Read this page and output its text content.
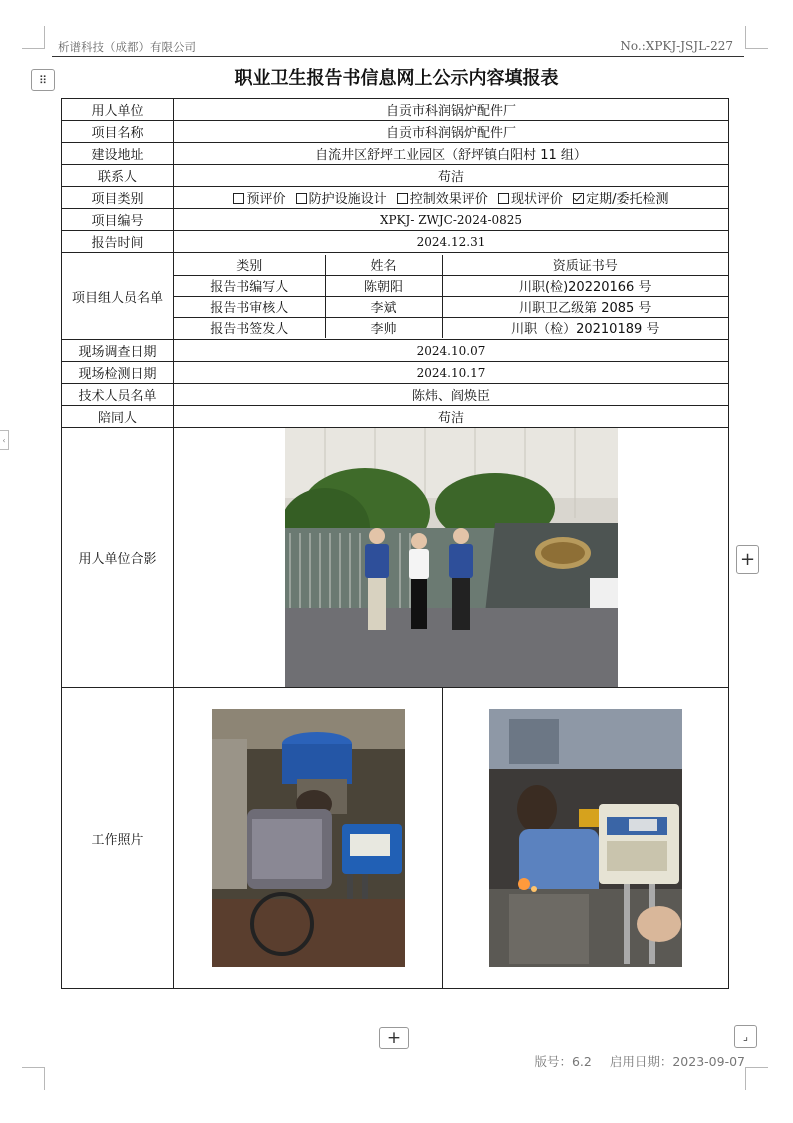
析谱科技（成都）有限公司	No.:XPKJ-JSJL-227
⠿
+
+	⌟
‹
职业卫生报告书信息网上公示内容填报表
用人单位	自贡市科润锅炉配件厂
项目名称	自贡市科润锅炉配件厂
建设地址	自流井区舒坪工业园区（舒坪镇白阳村 11 组）
联系人	苟洁
项目类别	预评价 防护设施设计 控制效果评价 现状评价 定期/委托检测
项目编号	XPKJ- ZWJC-2024-0825
报告时间	2024.12.31
项目组人员名单	
类别	姓名	资质证书号
报告书编写人	陈朝阳	川职(检)20220166 号
报告书审核人	李斌	川职卫乙级第 2085 号
报告书签发人	李帅	川职（检）20210189 号

现场调查日期	2024.10.07
现场检测日期	2024.10.17
技术人员名单	陈炜、阎焕臣
陪同人	苟洁
用人单位合影	

工作照片	
版号：6.2 启用日期：2023-09-07
